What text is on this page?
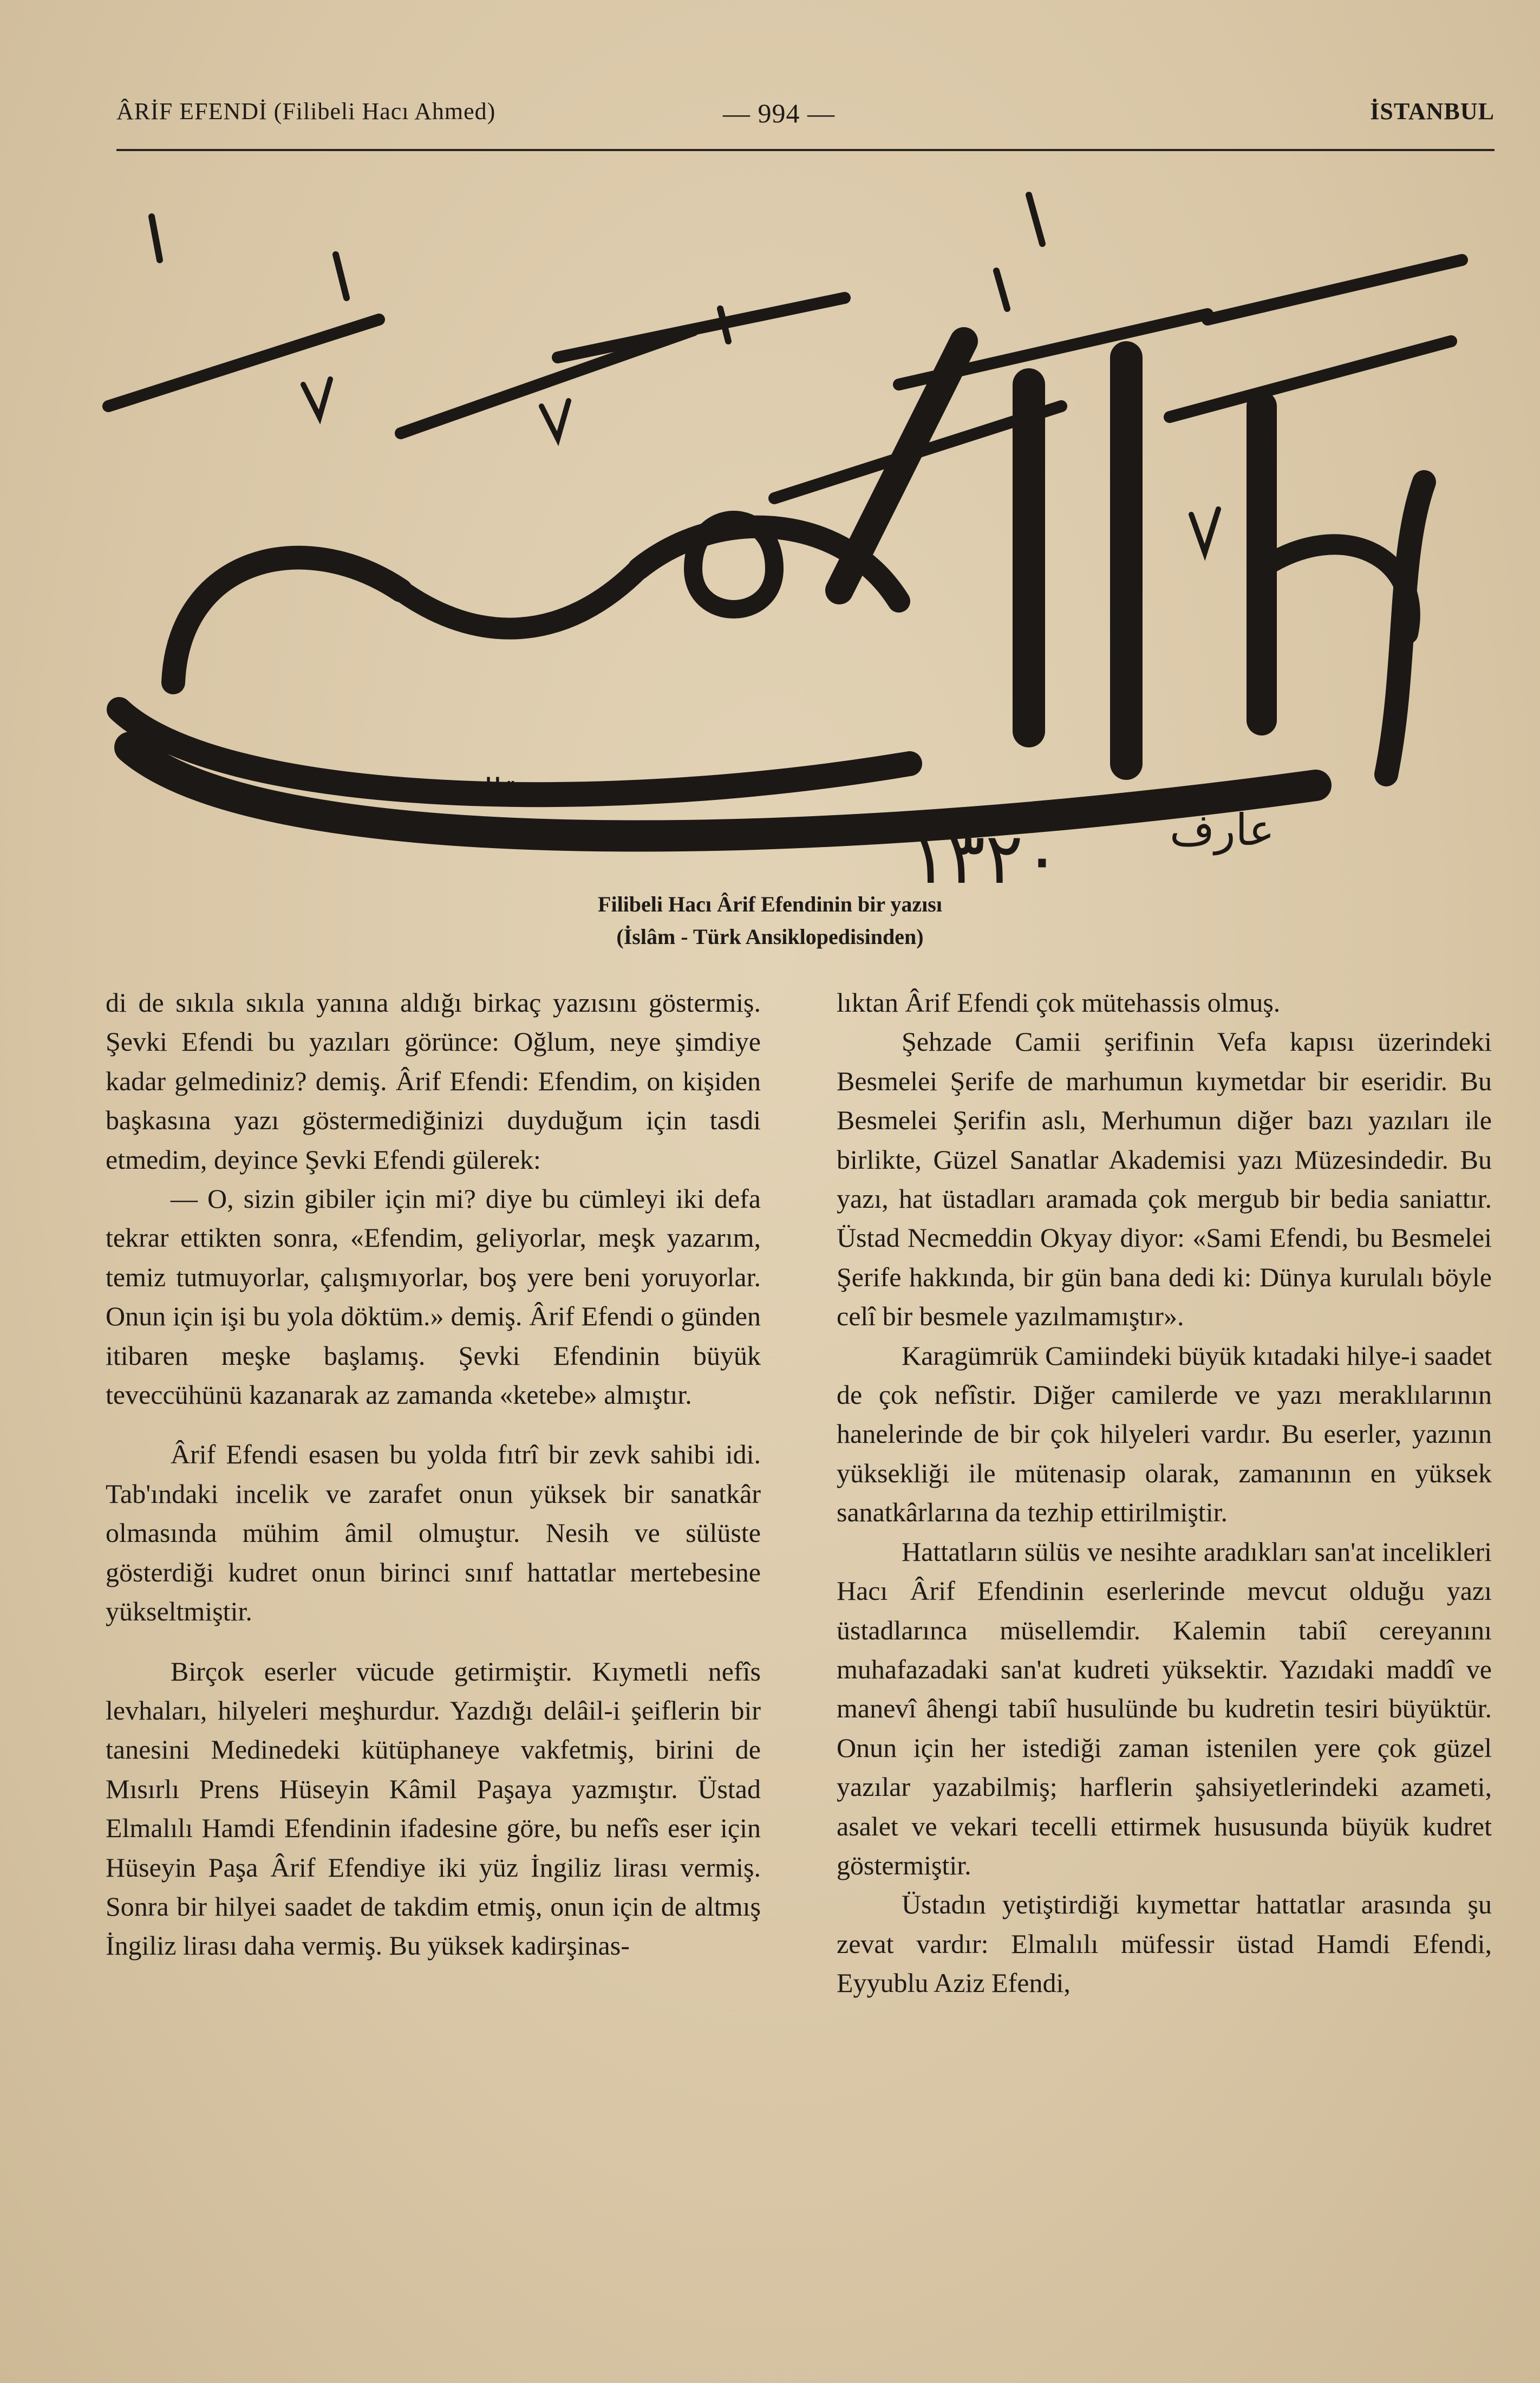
ÂRİF EFENDİ (Filibeli Hacı Ahmed)	— 994 —	İSTANBUL
قاله
١٣٢٠	عارف
Filibeli Hacı Ârif Efendinin bir yazısı
(İslâm - Türk Ansiklopedisinden)

di de sıkıla sıkıla yanına aldığı birkaç yazısını göstermiş. Şevki Efendi bu yazıları görünce: Oğlum, neye şimdiye kadar gelmediniz? demiş. Ârif Efendi: Efendim, on kişiden başkasına yazı göstermediğinizi duyduğum için tasdi etmedim, deyince Şevki Efendi gülerek:

— O, sizin gibiler için mi? diye bu cümleyi iki defa tekrar ettikten sonra, «Efendim, geliyorlar, meşk yazarım, temiz tutmuyorlar, çalışmıyorlar, boş yere beni yoruyorlar. Onun için işi bu yola döktüm.» demiş. Ârif Efendi o günden itibaren meşke başlamış. Şevki Efendinin büyük teveccühünü kazanarak az zamanda «ketebe» almıştır.

Ârif Efendi esasen bu yolda fıtrî bir zevk sahibi idi. Tab'ındaki incelik ve zarafet onun yüksek bir sanatkâr olmasında mühim âmil olmuştur. Nesih ve sülüste gösterdiği kudret onun birinci sınıf hattatlar mertebesine yükseltmiştir.

Birçok eserler vücude getirmiştir. Kıymetli nefîs levhaları, hilyeleri meşhurdur. Yazdığı delâil-i şeiflerin bir tanesini Medinedeki kütüphaneye vakfetmiş, birini de Mısırlı Prens Hüseyin Kâmil Paşaya yazmıştır. Üstad Elmalılı Hamdi Efendinin ifadesine göre, bu nefîs eser için Hüseyin Paşa Ârif Efendiye iki yüz İngiliz lirası vermiş. Sonra bir hilyei saadet de takdim etmiş, onun için de altmış İngiliz lirası daha vermiş. Bu yüksek kadirşinas-

lıktan Ârif Efendi çok mütehassis olmuş.

Şehzade Camii şerifinin Vefa kapısı üzerindeki Besmelei Şerife de marhumun kıymetdar bir eseridir. Bu Besmelei Şerifin aslı, Merhumun diğer bazı yazıları ile birlikte, Güzel Sanatlar Akademisi yazı Müzesindedir. Bu yazı, hat üstadları aramada çok mergub bir bedia saniattır. Üstad Necmeddin Okyay diyor: «Sami Efendi, bu Besmelei Şerife hakkında, bir gün bana dedi ki: Dünya kurulalı böyle celî bir besmele yazılmamıştır».

Karagümrük Camiindeki büyük kıtadaki hilye-i saadet de çok nefîstir. Diğer camilerde ve yazı meraklılarının hanelerinde de bir çok hilyeleri vardır. Bu eserler, yazının yüksekliği ile mütenasip olarak, zamanının en yüksek sanatkârlarına da tezhip ettirilmiştir.

Hattatların sülüs ve nesihte aradıkları san'at incelikleri Hacı Ârif Efendinin eserlerinde mevcut olduğu yazı üstadlarınca müsellemdir. Kalemin tabiî cereyanını muhafazadaki san'at kudreti yüksektir. Yazıdaki maddî ve manevî âhengi tabiî husulünde bu kudretin tesiri büyüktür. Onun için her istediği zaman istenilen yere çok güzel yazılar yazabilmiş; harflerin şahsiyetlerindeki azameti, asalet ve vekari tecelli ettirmek hususunda büyük kudret göstermiştir.

Üstadın yetiştirdiği kıymettar hattatlar arasında şu zevat vardır: Elmalılı müfessir üstad Hamdi Efendi, Eyyublu Aziz Efendi,
